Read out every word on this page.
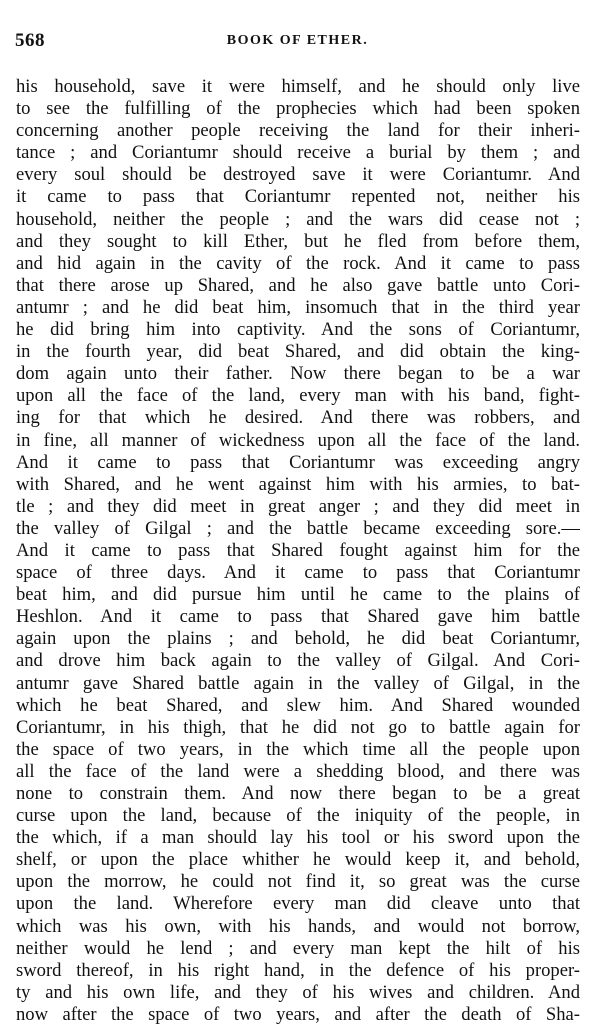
568	BOOK OF ETHER.
his household, save it were himself, and he should only live
to see the fulfilling of the prophecies which had been spoken
concerning another people receiving the land for their inheri-
tance ; and Coriantumr should receive a burial by them ; and
every soul should be destroyed save it were Coriantumr. And
it came to pass that Coriantumr repented not, neither his
household, neither the people ; and the wars did cease not ;
and they sought to kill Ether, but he fled from before them,
and hid again in the cavity of the rock. And it came to pass
that there arose up Shared, and he also gave battle unto Cori-
antumr ; and he did beat him, insomuch that in the third year
he did bring him into captivity. And the sons of Coriantumr,
in the fourth year, did beat Shared, and did obtain the king-
dom again unto their father. Now there began to be a war
upon all the face of the land, every man with his band, fight-
ing for that which he desired. And there was robbers, and
in fine, all manner of wickedness upon all the face of the land.
And it came to pass that Coriantumr was exceeding angry
with Shared, and he went against him with his armies, to bat-
tle ; and they did meet in great anger ; and they did meet in
the valley of Gilgal ; and the battle became exceeding sore.—
And it came to pass that Shared fought against him for the
space of three days. And it came to pass that Coriantumr
beat him, and did pursue him until he came to the plains of
Heshlon. And it came to pass that Shared gave him battle
again upon the plains ; and behold, he did beat Coriantumr,
and drove him back again to the valley of Gilgal. And Cori-
antumr gave Shared battle again in the valley of Gilgal, in the
which he beat Shared, and slew him. And Shared wounded
Coriantumr, in his thigh, that he did not go to battle again for
the space of two years, in the which time all the people upon
all the face of the land were a shedding blood, and there was
none to constrain them. And now there began to be a great
curse upon the land, because of the iniquity of the people, in
the which, if a man should lay his tool or his sword upon the
shelf, or upon the place whither he would keep it, and behold,
upon the morrow, he could not find it, so great was the curse
upon the land. Wherefore every man did cleave unto that
which was his own, with his hands, and would not borrow,
neither would he lend ; and every man kept the hilt of his
sword thereof, in his right hand, in the defence of his proper-
ty and his own life, and they of his wives and children. And
now after the space of two years, and after the death of Sha-
